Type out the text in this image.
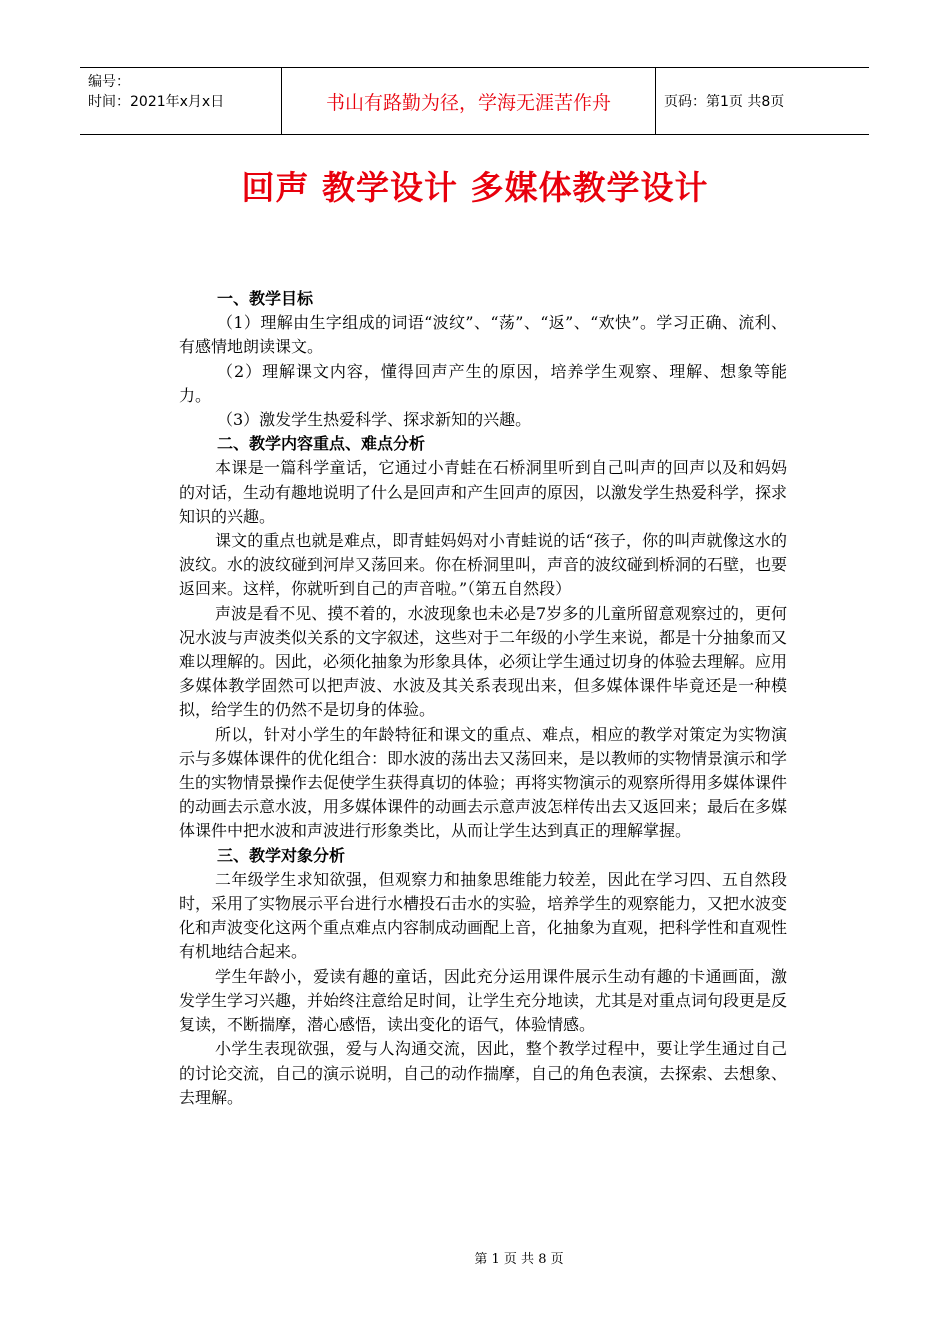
编号：
时间：2021年x月x日	书山有路勤为径，学海无涯苦作舟	页码：第1页 共8页
回声 教学设计 多媒体教学设计

一、教学目标

（1）理解由生字组成的词语“波纹”、“荡”、“返”、“欢快”。学习正确、流利、有感情地朗读课文。

（2）理解课文内容，懂得回声产生的原因，培养学生观察、理解、想象等能力。

（3）激发学生热爱科学、探求新知的兴趣。

二、教学内容重点、难点分析

本课是一篇科学童话，它通过小青蛙在石桥洞里听到自己叫声的回声以及和妈妈的对话，生动有趣地说明了什么是回声和产生回声的原因，以激发学生热爱科学，探求知识的兴趣。

课文的重点也就是难点，即青蛙妈妈对小青蛙说的话“孩子，你的叫声就像这水的波纹。水的波纹碰到河岸又荡回来。你在桥洞里叫，声音的波纹碰到桥洞的石壁，也要返回来。这样，你就听到自己的声音啦。”（第五自然段）

声波是看不见、摸不着的，水波现象也未必是7岁多的儿童所留意观察过的，更何况水波与声波类似关系的文字叙述，这些对于二年级的小学生来说，都是十分抽象而又难以理解的。因此，必须化抽象为形象具体，必须让学生通过切身的体验去理解。应用多媒体教学固然可以把声波、水波及其关系表现出来，但多媒体课件毕竟还是一种模拟，给学生的仍然不是切身的体验。

所以，针对小学生的年龄特征和课文的重点、难点，相应的教学对策定为实物演示与多媒体课件的优化组合：即水波的荡出去又荡回来，是以教师的实物情景演示和学生的实物情景操作去促使学生获得真切的体验；再将实物演示的观察所得用多媒体课件的动画去示意水波，用多媒体课件的动画去示意声波怎样传出去又返回来；最后在多媒体课件中把水波和声波进行形象类比，从而让学生达到真正的理解掌握。

三、教学对象分析

二年级学生求知欲强，但观察力和抽象思维能力较差，因此在学习四、五自然段时，采用了实物展示平台进行水槽投石击水的实验，培养学生的观察能力，又把水波变化和声波变化这两个重点难点内容制成动画配上音，化抽象为直观，把科学性和直观性有机地结合起来。

学生年龄小，爱读有趣的童话，因此充分运用课件展示生动有趣的卡通画面，激发学生学习兴趣，并始终注意给足时间，让学生充分地读，尤其是对重点词句段更是反复读，不断揣摩，潜心感悟，读出变化的语气，体验情感。

小学生表现欲强，爱与人沟通交流，因此，整个教学过程中，要让学生通过自己的讨论交流，自己的演示说明，自己的动作揣摩，自己的角色表演，去探索、去想象、去理解。

第 1 页 共 8 页
